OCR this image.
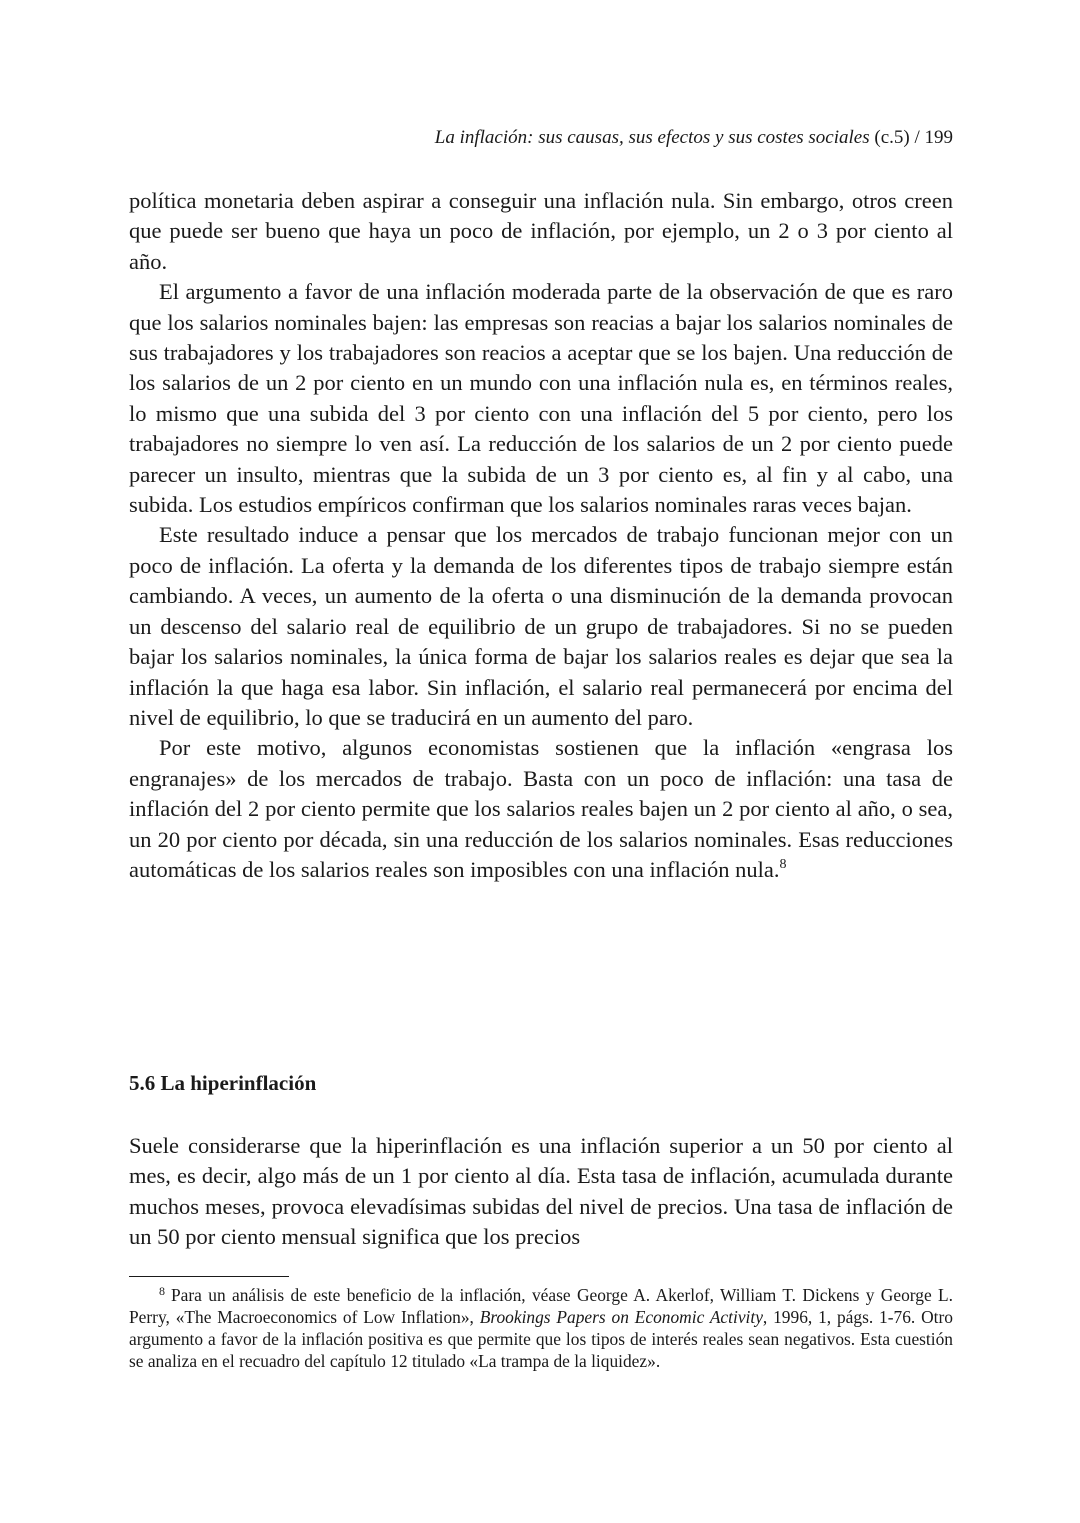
La inflación: sus causas, sus efectos y sus costes sociales (c.5) / 199

política monetaria deben aspirar a conseguir una inflación nula. Sin embargo, otros creen que puede ser bueno que haya un poco de inflación, por ejemplo, un 2 o 3 por ciento al año.

El argumento a favor de una inflación moderada parte de la observación de que es raro que los salarios nominales bajen: las empresas son reacias a bajar los salarios nominales de sus trabajadores y los trabajadores son reacios a aceptar que se los bajen. Una reducción de los salarios de un 2 por ciento en un mundo con una inflación nula es, en términos reales, lo mismo que una subida del 3 por ciento con una inflación del 5 por ciento, pero los trabajadores no siempre lo ven así. La reducción de los salarios de un 2 por ciento puede parecer un insulto, mientras que la subida de un 3 por ciento es, al fin y al cabo, una subida. Los estudios empíricos confirman que los salarios nominales raras veces bajan.

Este resultado induce a pensar que los mercados de trabajo funcionan mejor con un poco de inflación. La oferta y la demanda de los diferentes tipos de trabajo siempre están cambiando. A veces, un aumento de la oferta o una disminución de la demanda provocan un descenso del salario real de equilibrio de un grupo de trabajadores. Si no se pueden bajar los salarios nominales, la única forma de bajar los salarios reales es dejar que sea la inflación la que haga esa labor. Sin inflación, el salario real permanecerá por encima del nivel de equilibrio, lo que se traducirá en un aumento del paro.

Por este motivo, algunos economistas sostienen que la inflación «engrasa los engranajes» de los mercados de trabajo. Basta con un poco de inflación: una tasa de inflación del 2 por ciento permite que los salarios reales bajen un 2 por ciento al año, o sea, un 20 por ciento por década, sin una reducción de los salarios nominales. Esas reducciones automáticas de los salarios reales son imposibles con una inflación nula.$^8$

5.6 La hiperinflación

Suele considerarse que la hiperinflación es una inflación superior a un 50 por ciento al mes, es decir, algo más de un 1 por ciento al día. Esta tasa de inflación, acumulada durante muchos meses, provoca elevadísimas subidas del nivel de precios. Una tasa de inflación de un 50 por ciento mensual significa que los precios

$^8$ Para un análisis de este beneficio de la inflación, véase George A. Akerlof, William T. Dickens y George L. Perry, «The Macroeconomics of Low Inflation», Brookings Papers on Economic Activity, 1996, 1, págs. 1-76. Otro argumento a favor de la inflación positiva es que permite que los tipos de interés reales sean negativos. Esta cuestión se analiza en el recuadro del capítulo 12 titulado «La trampa de la liquidez».
